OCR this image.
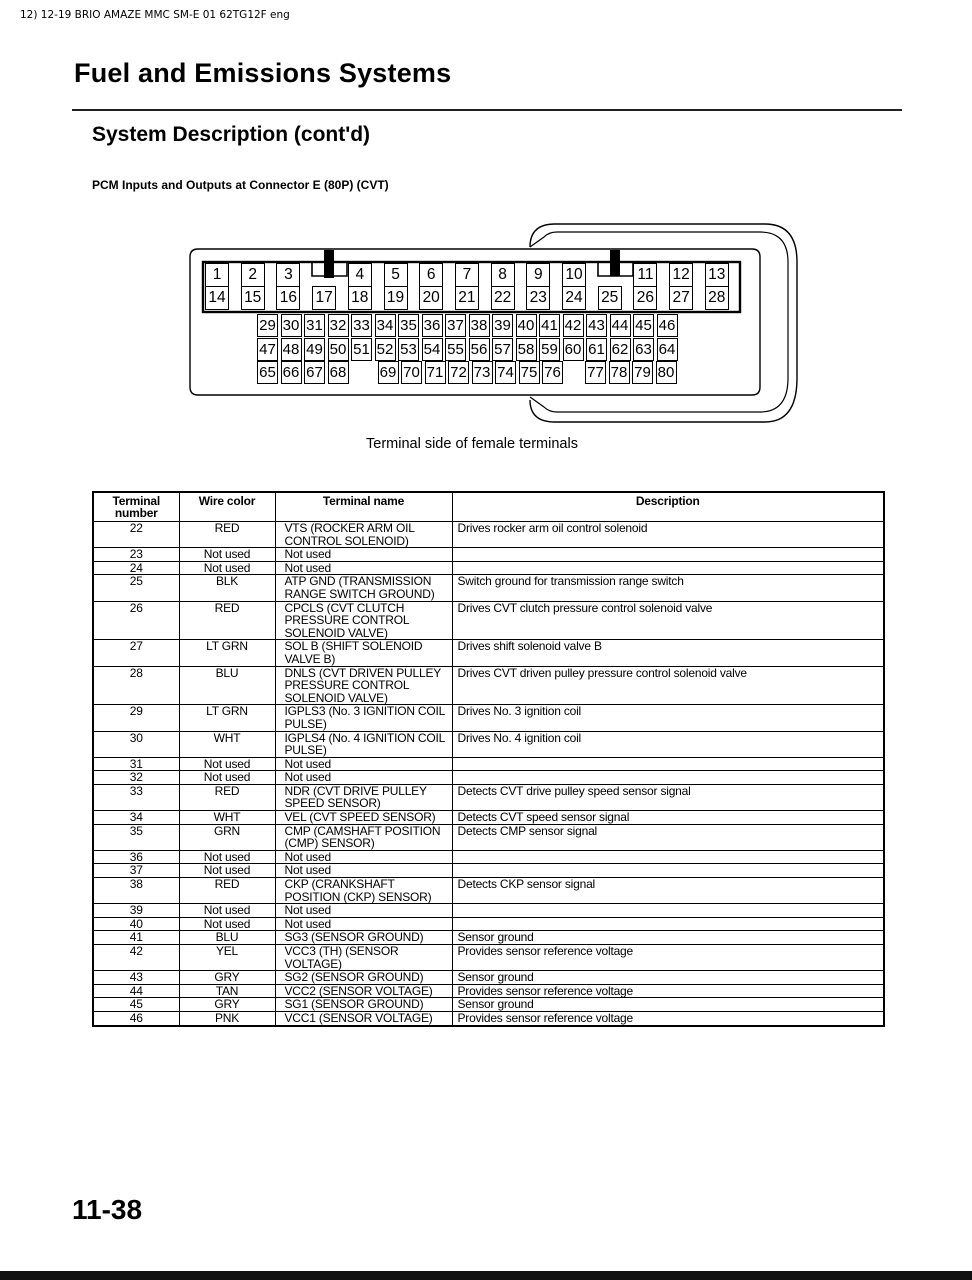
12) 12-19 BRIO AMAZE MMC SM-E 01 62TG12F eng
Fuel and Emissions Systems
System Description (cont'd)
PCM Inputs and Outputs at Connector E (80P) (CVT)
1	2	3	4	5	6	7	8	9	10	11 12 13
14 15 16 17 18 19 20 21 22 23 24 25 26 27 28
29 30 31 32 33 34 35 36 37 38 39 40 41 42 43 44 45 46
47 48 49 50 51 52 53 54 55 56 57 58 59 60 61 62 63 64
65 66 67 68 69 70 71 72 73 74 75 76 77 78 79 80
Terminal side of female terminals
Terminal number	Wire color	Terminal name	Description
22	RED	VTS (ROCKER ARM OIL CONTROL SOLENOID)	Drives rocker arm oil control solenoid
23	Not used	Not used	
24	Not used	Not used	
25	BLK	ATP GND (TRANSMISSION RANGE SWITCH GROUND)	Switch ground for transmission range switch
26	RED	CPCLS (CVT CLUTCH PRESSURE CONTROL SOLENOID VALVE)	Drives CVT clutch pressure control solenoid valve
27	LT GRN	SOL B (SHIFT SOLENOID VALVE B)	Drives shift solenoid valve B
28	BLU	DNLS (CVT DRIVEN PULLEY PRESSURE CONTROL SOLENOID VALVE)	Drives CVT driven pulley pressure control solenoid valve
29	LT GRN	IGPLS3 (No. 3 IGNITION COIL PULSE)	Drives No. 3 ignition coil
30	WHT	IGPLS4 (No. 4 IGNITION COIL PULSE)	Drives No. 4 ignition coil
31	Not used	Not used	
32	Not used	Not used	
33	RED	NDR (CVT DRIVE PULLEY SPEED SENSOR)	Detects CVT drive pulley speed sensor signal
34	WHT	VEL (CVT SPEED SENSOR)	Detects CVT speed sensor signal
35	GRN	CMP (CAMSHAFT POSITION (CMP) SENSOR)	Detects CMP sensor signal
36	Not used	Not used	
37	Not used	Not used	
38	RED	CKP (CRANKSHAFT POSITION (CKP) SENSOR)	Detects CKP sensor signal
39	Not used	Not used	
40	Not used	Not used	
41	BLU	SG3 (SENSOR GROUND)	Sensor ground
42	YEL	VCC3 (TH) (SENSOR VOLTAGE)	Provides sensor reference voltage
43	GRY	SG2 (SENSOR GROUND)	Sensor ground
44	TAN	VCC2 (SENSOR VOLTAGE)	Provides sensor reference voltage
45	GRY	SG1 (SENSOR GROUND)	Sensor ground
46	PNK	VCC1 (SENSOR VOLTAGE)	Provides sensor reference voltage
11-38
